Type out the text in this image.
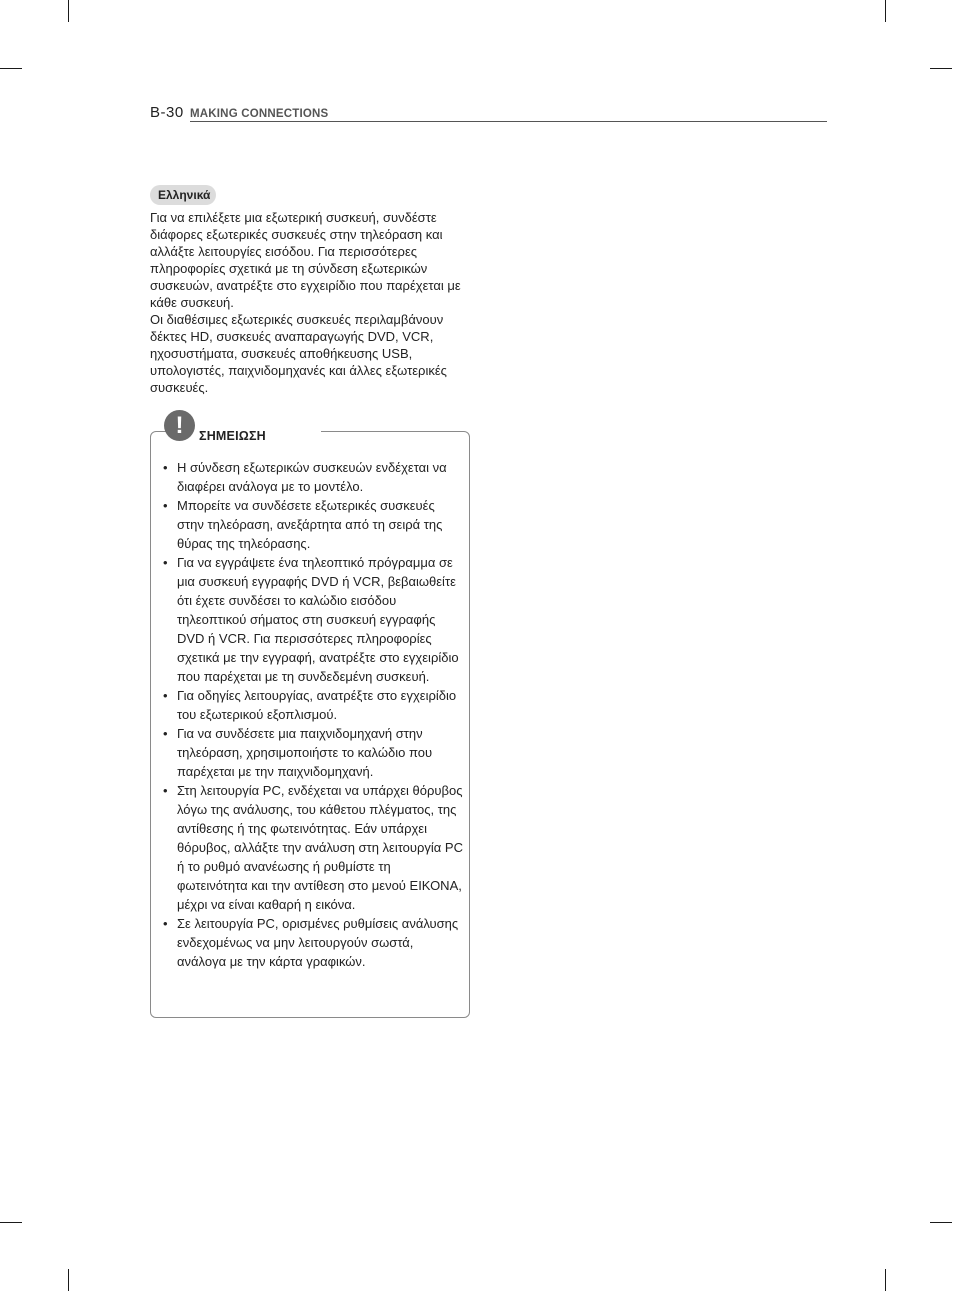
B-30 MAKING CONNECTIONS
Ελληνικά

Για να επιλέξετε μια εξωτερική συσκευή, συνδέστε διάφορες εξωτερικές συσκευές στην τηλεόραση και αλλάξτε λειτουργίες εισόδου. Για περισσότερες πληροφορίες σχετικά με τη σύνδεση εξωτερικών συσκευών, ανατρέξτε στο εγχειρίδιο που παρέχεται με κάθε συσκευή.

Οι διαθέσιμες εξωτερικές συσκευές περιλαμβάνουν δέκτες HD, συσκευές αναπαραγωγής DVD, VCR, ηχοσυστήματα, συσκευές αποθήκευσης USB, υπολογιστές, παιχνιδομηχανές και άλλες εξωτερικές συσκευές.

!	ΣΗΜΕΙΩΣΗ
• Η σύνδεση εξωτερικών συσκευών ενδέχεται να διαφέρει ανάλογα με το μοντέλο.
• Μπορείτε να συνδέσετε εξωτερικές συσκευές στην τηλεόραση, ανεξάρτητα από τη σειρά της θύρας της τηλεόρασης.
• Για να εγγράψετε ένα τηλεοπτικό πρόγραμμα σε μια συσκευή εγγραφής DVD ή VCR, βεβαιωθείτε ότι έχετε συνδέσει το καλώδιο εισόδου τηλεοπτικού σήματος στη συσκευή εγγραφής DVD ή VCR. Για περισσότερες πληροφορίες σχετικά με την εγγραφή, ανατρέξτε στο εγχειρίδιο που παρέχεται με τη συνδεδεμένη συσκευή.
• Για οδηγίες λειτουργίας, ανατρέξτε στο εγχειρίδιο του εξωτερικού εξοπλισμού.
• Για να συνδέσετε μια παιχνιδομηχανή στην τηλεόραση, χρησιμοποιήστε το καλώδιο που παρέχεται με την παιχνιδομηχανή.
• Στη λειτουργία PC, ενδέχεται να υπάρχει θόρυβος λόγω της ανάλυσης, του κάθετου πλέγματος, της αντίθεσης ή της φωτεινότητας. Εάν υπάρχει θόρυβος, αλλάξτε την ανάλυση στη λειτουργία PC ή το ρυθμό ανανέωσης ή ρυθμίστε τη φωτεινότητα και την αντίθεση στο μενού ΕΙΚΟΝΑ, μέχρι να είναι καθαρή η εικόνα.
• Σε λειτουργία PC, ορισμένες ρυθμίσεις ανάλυσης ενδεχομένως να μην λειτουργούν σωστά, ανάλογα με την κάρτα γραφικών.
